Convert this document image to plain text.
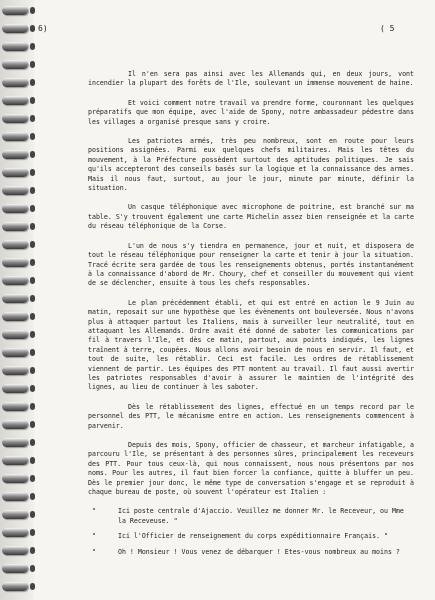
6)	( 5

Il n'en sera pas ainsi avec les Allemands qui, en deux jours, vont incendier la plupart des forêts de l'Ile, soulevant un immense mouvement de haine.

Et voici comment notre travail va prendre forme, couronnant les quelques préparatifs que mon équipe, avec l'aide de Spony, notre ambassadeur pédestre dans les villages a organisé presque sans y croire.

Les patriotes armés, très peu nombreux, sont en route pour leurs positions assignées. Parmi eux quelques chefs militaires. Mais les têtes du mouvement, à la Préfecture possèdent surtout des aptitudes politiques. Je sais qu'ils accepteront des conseils basés sur la logique et la connaissance des armes. Mais il nous faut, surtout, au jour le jour, minute par minute, définir la situation.

Un casque téléphonique avec microphone de poitrine, est branché sur ma table. S'y trouvent également une carte Michelin assez bien renseignée et la carte du réseau téléphonique de la Corse.

L'un de nous s'y tiendra en permanence, jour et nuit, et disposera de tout le réseau téléphonique pour renseigner la carte et tenir à jour la situation. Tracé écrite sera gardée de tous les renseignements obtenus, portés instantanément à la connaissance d'abord de Mr. Choury, chef et conseiller du mouvement qui vient de se déclencher, ensuite à tous les chefs responsables.

Le plan précédemment établi, et qui est entré en action le 9 Juin au matin, reposait sur une hypothèse que les évènements ont bouleversée. Nous n'avons plus à attaquer partout les Italiens, mais à surveiller leur neutralité, tout en attaquant les Allemands. Ordre avait été donné de saboter les communications par fil à travers l'Ile, et dès ce matin, partout, aux points indiqués, les lignes traînent à terre, coupées. Nous allons avoir besoin de nous en servir. Il faut, et tout de suite, les rétablir. Ceci est facile. Les ordres de rétablissement viennent de partir. Les équipes des PTT montent au travail. Il faut aussi avertir les patriotes responsables d'avoir à assurer le maintien de l'intégrité des lignes, au lieu de continuer à les saboter.

Dès le rétablissement des lignes, effectué en un temps record par le personnel des PTT, le mécanisme entre en action. Les renseignements commencent à parvenir.

Depuis des mois, Spony, officier de chasseur, et marcheur infatigable, a parcouru l'Ile, se présentant à des personnes sûres, principalement les receveurs des PTT. Pour tous ceux-là, qui nous connaissent, nous nous présentons par nos noms. Pour les autres, il faut bien forcer la confiance, quitte à bluffer un peu. Dès le premier jour donc, le même type de conversation s'engage et se reproduit à chaque bureau de poste, où souvent l'opérateur est Italien :

"	Ici poste centrale d'Ajaccio. Veuillez me donner Mr. le Receveur, ou Mme la Receveuse. "
"	Ici l'Officier de renseignement du corps expéditionnaire Français. "
"	Oh ! Monsieur ! Vous venez de débarquer ! Etes-vous nombreux au moins ?
